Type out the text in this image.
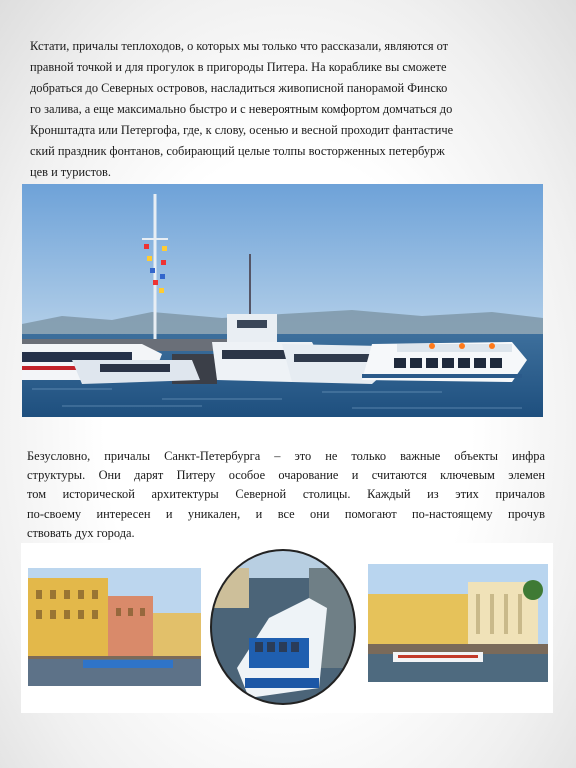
Кстати, причалы теплоходов, о которых мы только что рассказали, являются от
правной точкой и для прогулок в пригороды Питера. На кораблике вы сможете
добраться до Северных островов, насладиться живописной панорамой Финско
го залива, а еще максимально быстро и с невероятным комфортом домчаться до
Кронштадта или Петергофа, где, к слову, осенью и весной проходит фантастиче
ский праздник фонтанов, собирающий целые толпы восторженных петербурж
цев и туристов.

Безусловно, причалы Санкт-Петербурга – это не только важные объекты инфра
структуры. Они дарят Питеру особое очарование и считаются ключевым элемен
том исторической архитектуры Северной столицы. Каждый из этих причалов
по-своему интересен и уникален, и все они помогают по-настоящему прочув
ствовать дух города.
